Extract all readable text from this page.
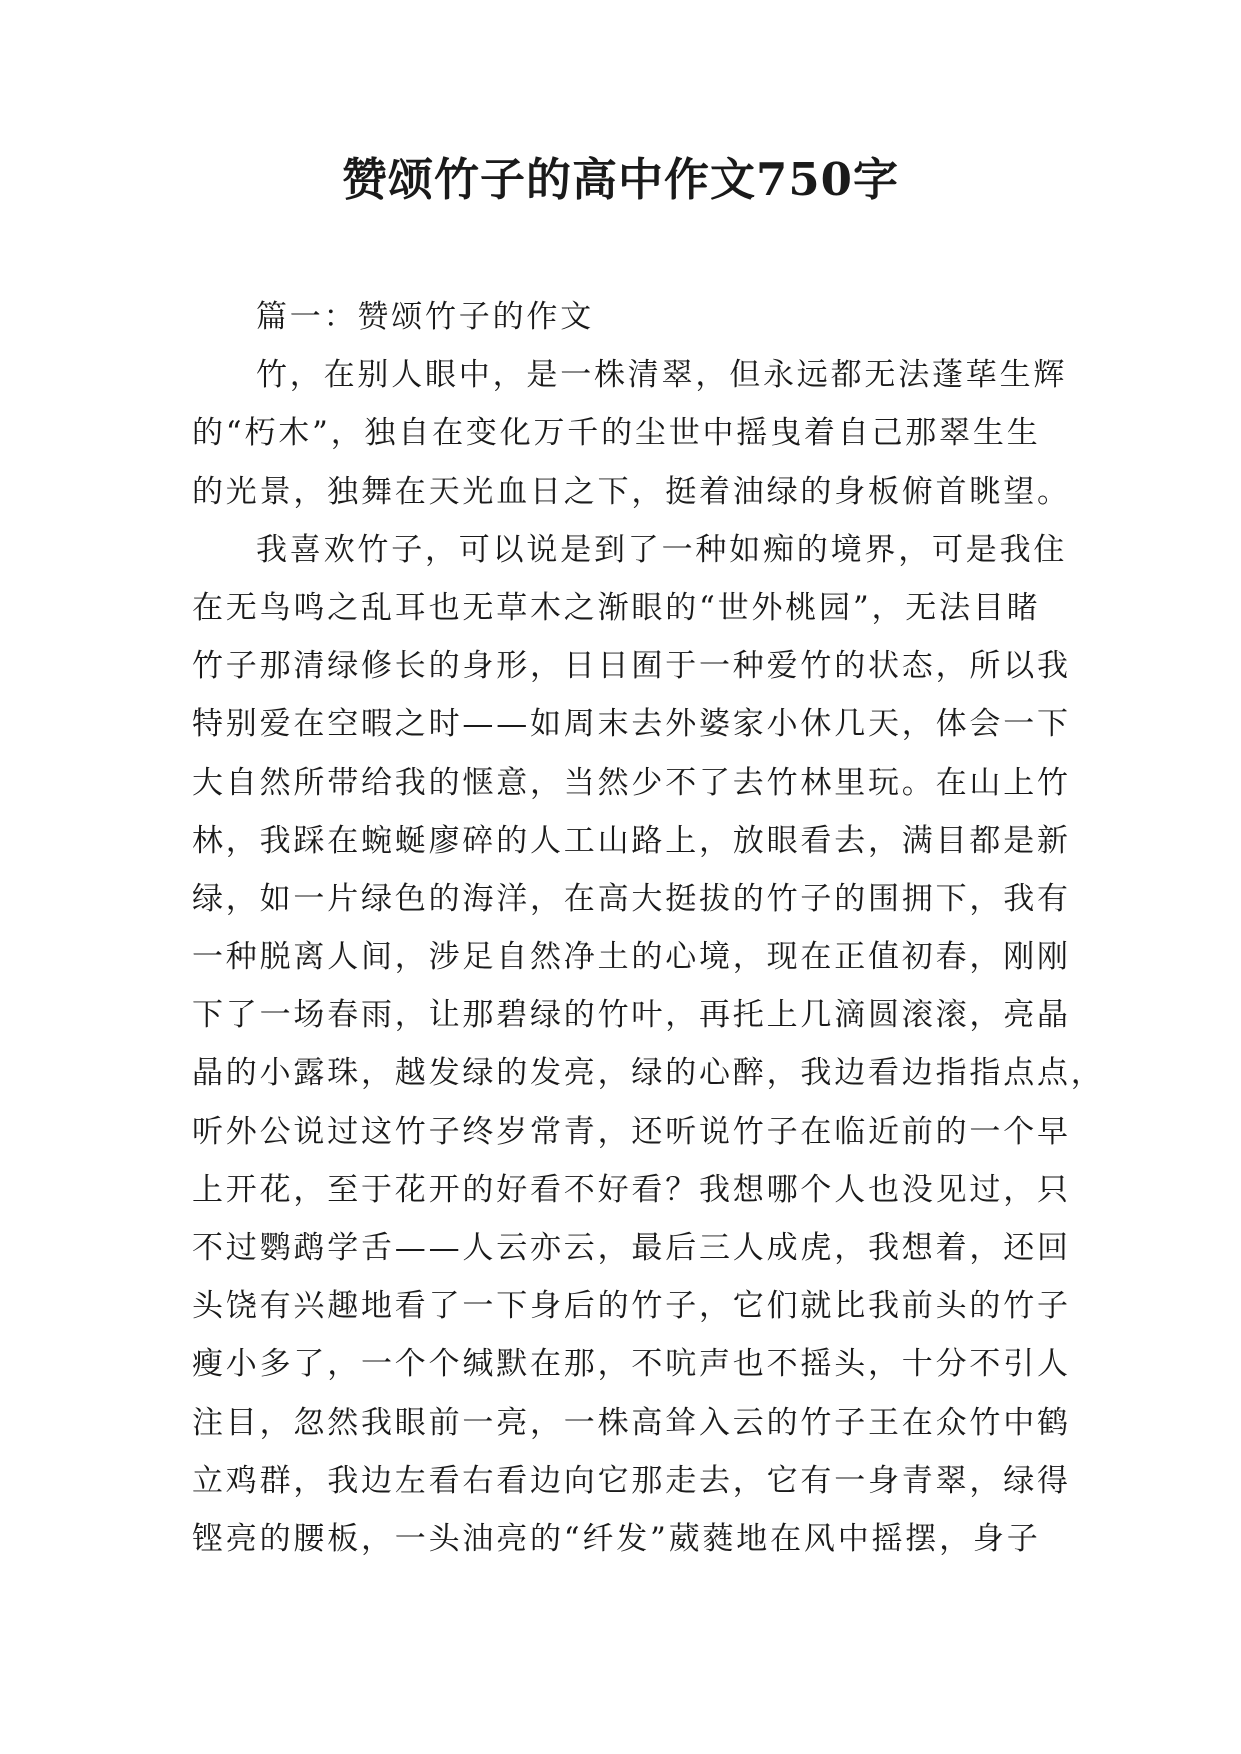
赞颂竹子的高中作文750字
篇一：赞颂竹子的作文
竹，在别人眼中，是一株清翠，但永远都无法蓬荜生辉
的“朽木”，独自在变化万千的尘世中摇曳着自己那翠生生
的光景，独舞在天光血日之下，挺着油绿的身板俯首眺望。
我喜欢竹子，可以说是到了一种如痴的境界，可是我住
在无鸟鸣之乱耳也无草木之渐眼的“世外桃园”，无法目睹
竹子那清绿修长的身形，日日囿于一种爱竹的状态，所以我
特别爱在空暇之时——如周末去外婆家小休几天，体会一下
大自然所带给我的惬意，当然少不了去竹林里玩。在山上竹
林，我踩在蜿蜒廖碎的人工山路上，放眼看去，满目都是新
绿，如一片绿色的海洋，在高大挺拔的竹子的围拥下，我有
一种脱离人间，涉足自然净土的心境，现在正值初春，刚刚
下了一场春雨，让那碧绿的竹叶，再托上几滴圆滚滚，亮晶
晶的小露珠，越发绿的发亮，绿的心醉，我边看边指指点点，
听外公说过这竹子终岁常青，还听说竹子在临近前的一个早
上开花，至于花开的好看不好看？我想哪个人也没见过，只
不过鹦鹉学舌——人云亦云，最后三人成虎，我想着，还回
头饶有兴趣地看了一下身后的竹子，它们就比我前头的竹子
瘦小多了，一个个缄默在那，不吭声也不摇头，十分不引人
注目，忽然我眼前一亮，一株高耸入云的竹子王在众竹中鹤
立鸡群，我边左看右看边向它那走去，它有一身青翠，绿得
铿亮的腰板，一头油亮的“纤发”葳蕤地在风中摇摆，身子
